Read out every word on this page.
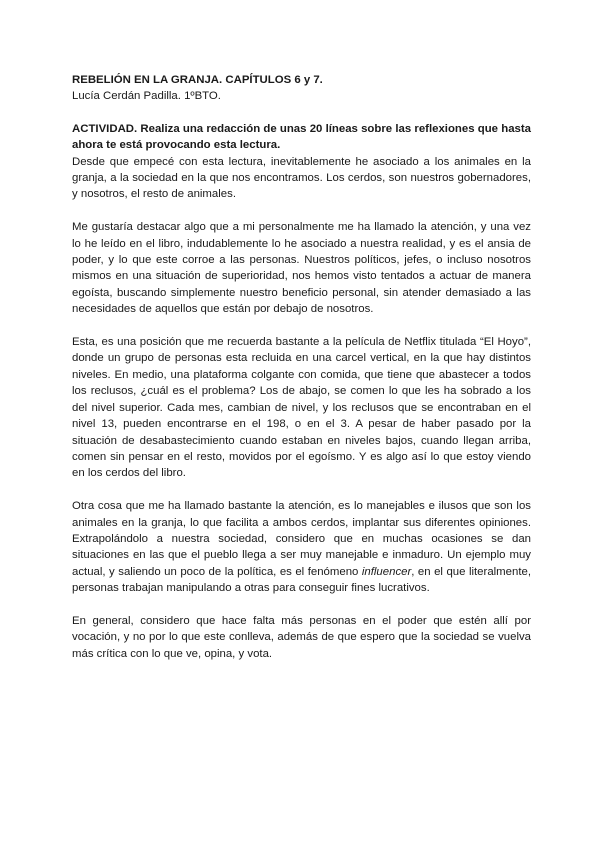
REBELIÓN EN LA GRANJA. CAPÍTULOS 6 y 7.

Lucía Cerdán Padilla. 1ºBTO.

ACTIVIDAD. Realiza una redacción de unas 20 líneas sobre las reflexiones que hasta ahora te está provocando esta lectura.

Desde que empecé con esta lectura, inevitablemente he asociado a los animales en la granja, a la sociedad en la que nos encontramos. Los cerdos, son nuestros gobernadores, y nosotros, el resto de animales.

Me gustaría destacar algo que a mi personalmente me ha llamado la atención, y una vez lo he leído en el libro, indudablemente lo he asociado a nuestra realidad, y es el ansia de poder, y lo que este corroe a las personas. Nuestros políticos, jefes, o incluso nosotros mismos en una situación de superioridad, nos hemos visto tentados a actuar de manera egoísta, buscando simplemente nuestro beneficio personal, sin atender demasiado a las necesidades de aquellos que están por debajo de nosotros.

Esta, es una posición que me recuerda bastante a la película de Netflix titulada “El Hoyo”, donde un grupo de personas esta recluida en una carcel vertical, en la que hay distintos niveles. En medio, una plataforma colgante con comida, que tiene que abastecer a todos los reclusos, ¿cuál es el problema? Los de abajo, se comen lo que les ha sobrado a los del nivel superior. Cada mes, cambian de nivel, y los reclusos que se encontraban en el nivel 13, pueden encontrarse en el 198, o en el 3. A pesar de haber pasado por la situación de desabastecimiento cuando estaban en niveles bajos, cuando llegan arriba, comen sin pensar en el resto, movidos por el egoísmo. Y es algo así lo que estoy viendo en los cerdos del libro.

Otra cosa que me ha llamado bastante la atención, es lo manejables e ilusos que son los animales en la granja, lo que facilita a ambos cerdos, implantar sus diferentes opiniones. Extrapolándolo a nuestra sociedad, considero que en muchas ocasiones se dan situaciones en las que el pueblo llega a ser muy manejable e inmaduro. Un ejemplo muy actual, y saliendo un poco de la política, es el fenómeno influencer, en el que literalmente, personas trabajan manipulando a otras para conseguir fines lucrativos.

En general, considero que hace falta más personas en el poder que estén allí por vocación, y no por lo que este conlleva, además de que espero que la sociedad se vuelva más crítica con lo que ve, opina, y vota.
